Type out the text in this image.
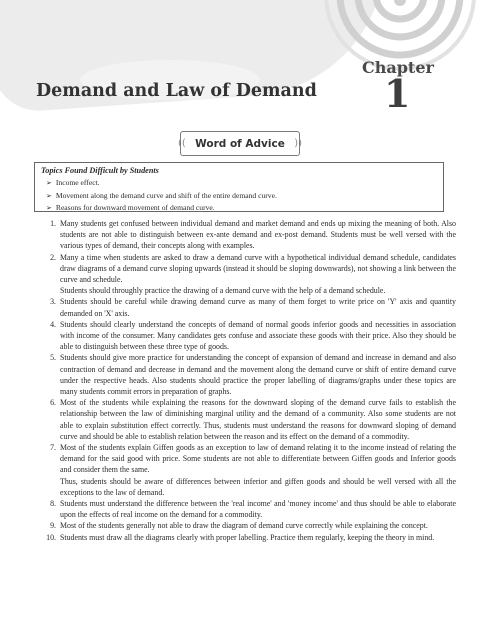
Chapter
1
Demand and Law of Demand
(( Word of Advice ))

Topics Found Difficult by Students

➢ Income effect.
➢ Movement along the demand curve and shift of the entire demand curve.
➢ Reasons for downward movement of demand curve.
1. Many students get confused between individual demand and market demand and ends up mixing the meaning of both. Also students are not able to distinguish between ex-ante demand and ex-post demand. Students must be well versed with the various types of demand, their concepts along with examples.

2. Many a time when students are asked to draw a demand curve with a hypothetical individual demand schedule, candidates draw diagrams of a demand curve sloping upwards (instead it should be sloping downwards), not showing a link between the curve and schedule.

Students should throughly practice the drawing of a demand curve with the help of a demand schedule.

3. Students should be careful while drawing demand curve as many of them forget to write price on 'Y' axis and quantity demanded on 'X' axis.

4. Students should clearly understand the concepts of demand of normal goods inferior goods and necessities in association with income of the consumer. Many candidates gets confuse and associate these goods with their price. Also they should be able to distinguish between these three type of goods.

5. Students should give more practice for understanding the concept of expansion of demand and increase in demand and also contraction of demand and decrease in demand and the movement along the demand curve or shift of entire demand curve under the respective heads. Also students should practice the proper labelling of diagrams/graphs under these topics are many students commit errors in preparation of graphs.

6. Most of the students while explaining the reasons for the downward sloping of the demand curve fails to establish the relationship between the law of diminishing marginal utility and the demand of a community. Also some students are not able to explain substitution effect correctly. Thus, students must understand the reasons for downward sloping of demand curve and should be able to establish relation between the reason and its effect on the demand of a commodity.

7. Most of the students explain Giffen goods as an exception to law of demand relating it to the income instead of relating the demand for the said good with price. Some students are not able to differentiate between Giffen goods and Inferior goods and consider them the same.

Thus, students should be aware of differences between inferior and giffen goods and should be well versed with all the exceptions to the law of demand.

8. Students must understand the difference between the 'real income' and 'money income' and thus should be able to elaborate upon the effects of real income on the demand for a commodity.

9. Most of the students generally not able to draw the diagram of demand curve correctly while explaining the concept.

10. Students must draw all the diagrams clearly with proper labelling. Practice them regularly, keeping the theory in mind.
